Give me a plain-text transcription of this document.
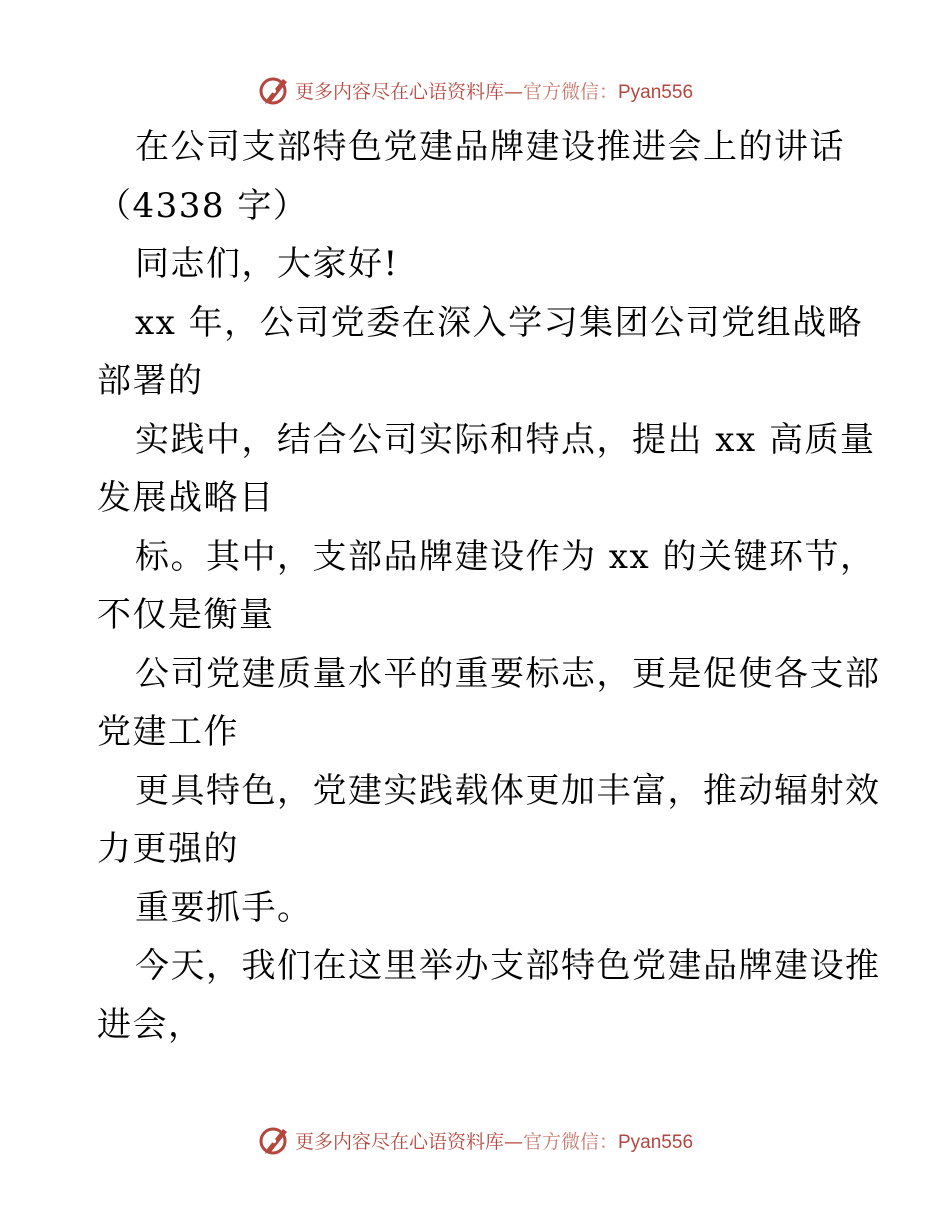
更多内容尽在心语资料库—官方微信：Pyan556
在公司支部特色党建品牌建设推进会上的讲话
（4338 字）
同志们，大家好!
xx 年，公司党委在深入学习集团公司党组战略
部署的
实践中，结合公司实际和特点，提出 xx 高质量
发展战略目
标。其中，支部品牌建设作为 xx 的关键环节，
不仅是衡量
公司党建质量水平的重要标志，更是促使各支部
党建工作
更具特色，党建实践载体更加丰富，推动辐射效
力更强的
重要抓手。
今天，我们在这里举办支部特色党建品牌建设推
进会，
更多内容尽在心语资料库—官方微信：Pyan556
